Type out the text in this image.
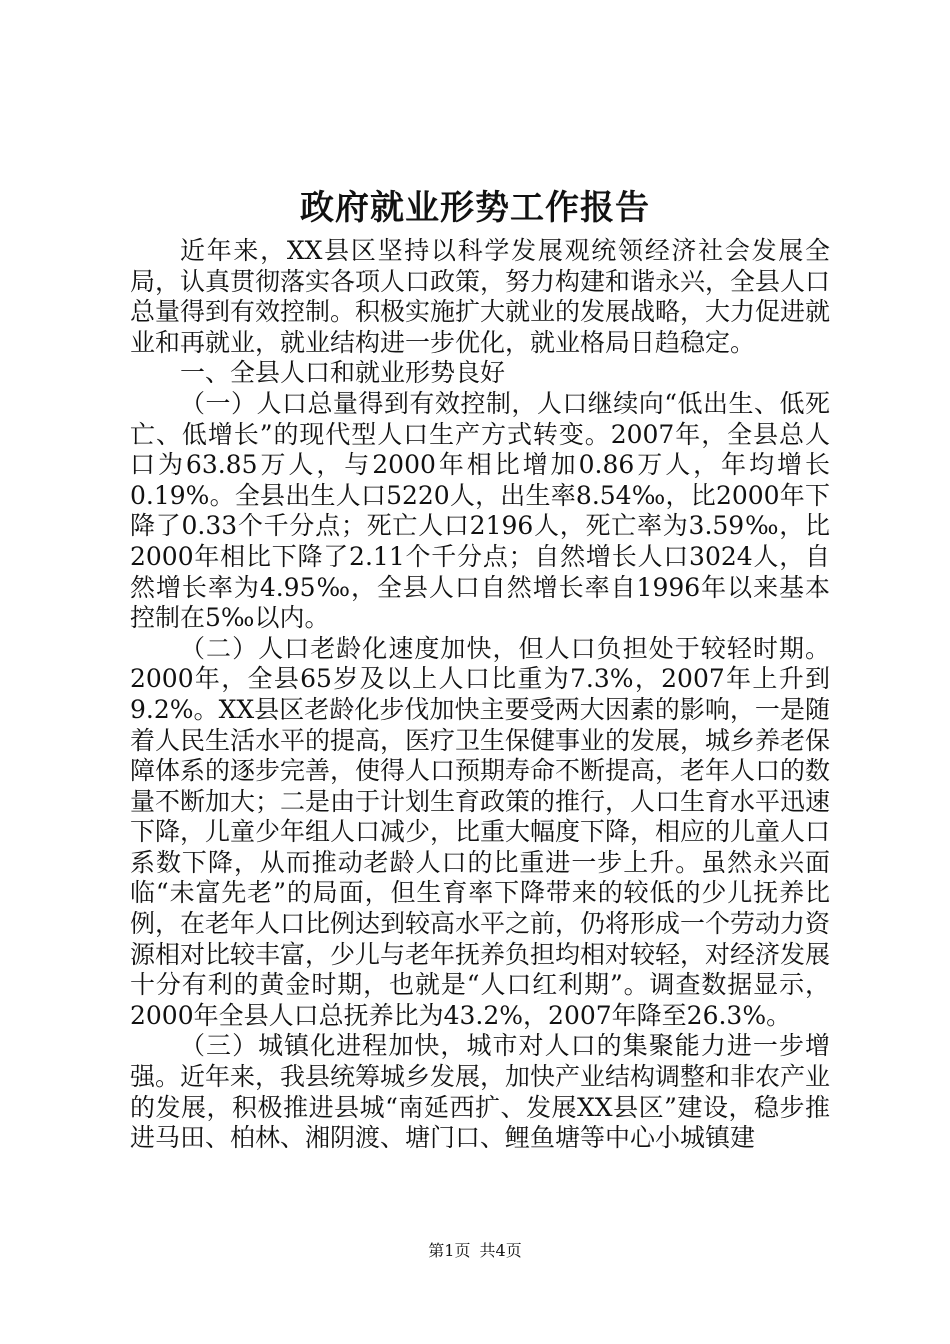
政府就业形势工作报告

近年来，XX县区坚持以科学发展观统领经济社会发展全局，认真贯彻落实各项人口政策，努力构建和谐永兴，全县人口总量得到有效控制。积极实施扩大就业的发展战略，大力促进就业和再就业，就业结构进一步优化，就业格局日趋稳定。

一、全县人口和就业形势良好

（一）人口总量得到有效控制，人口继续向“低出生、低死亡、低增长”的现代型人口生产方式转变。2007年，全县总人口为63.85万人，与2000年相比增加0.86万人，年均增长0.19%。全县出生人口5220人，出生率8.54‰，比2000年下降了0.33个千分点；死亡人口2196人，死亡率为3.59‰，比2000年相比下降了2.11个千分点；自然增长人口3024人，自然增长率为4.95‰，全县人口自然增长率自1996年以来基本控制在5‰以内。

（二）人口老龄化速度加快，但人口负担处于较轻时期。2000年，全县65岁及以上人口比重为7.3%，2007年上升到9.2%。XX县区老龄化步伐加快主要受两大因素的影响，一是随着人民生活水平的提高，医疗卫生保健事业的发展，城乡养老保障体系的逐步完善，使得人口预期寿命不断提高，老年人口的数量不断加大；二是由于计划生育政策的推行，人口生育水平迅速下降，儿童少年组人口减少，比重大幅度下降，相应的儿童人口系数下降，从而推动老龄人口的比重进一步上升。虽然永兴面临“未富先老”的局面，但生育率下降带来的较低的少儿抚养比例，在老年人口比例达到较高水平之前，仍将形成一个劳动力资源相对比较丰富，少儿与老年抚养负担均相对较轻，对经济发展十分有利的黄金时期，也就是“人口红利期”。调查数据显示，2000年全县人口总抚养比为43.2%，2007年降至26.3%。

（三）城镇化进程加快，城市对人口的集聚能力进一步增强。近年来，我县统筹城乡发展，加快产业结构调整和非农产业的发展，积极推进县城“南延西扩、发展XX县区”建设，稳步推进马田、柏林、湘阴渡、塘门口、鲤鱼塘等中心小城镇建

第1页 共4页
